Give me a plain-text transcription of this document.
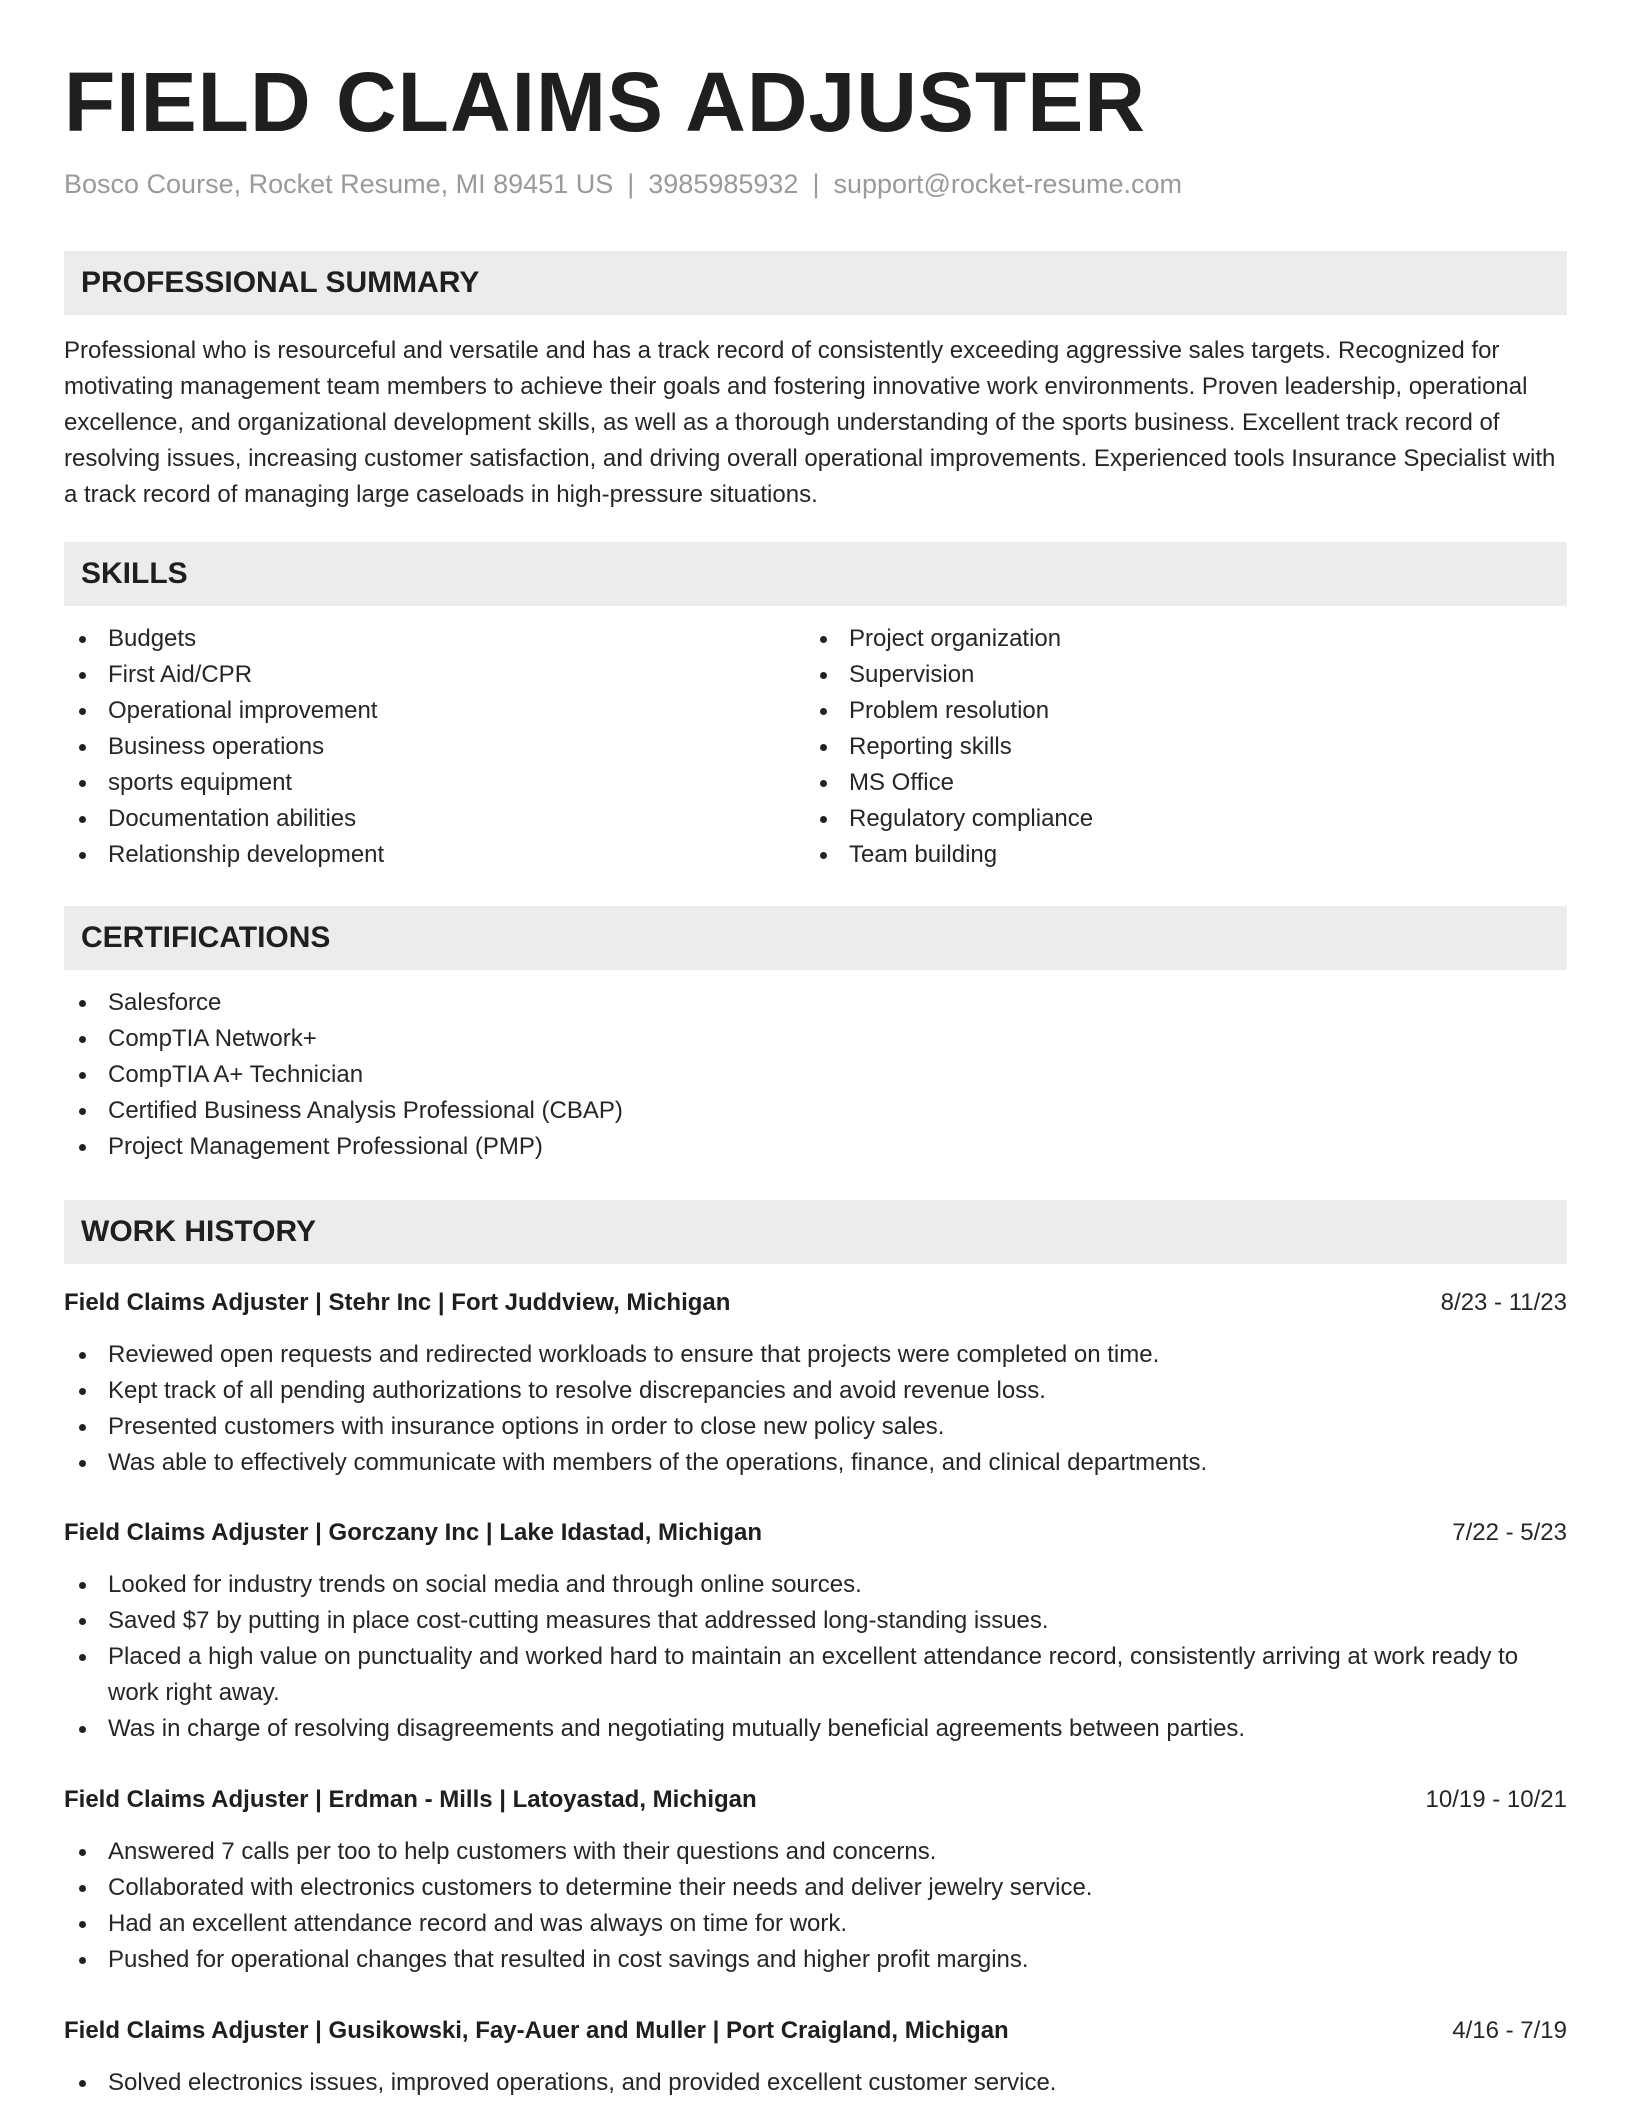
FIELD CLAIMS ADJUSTER
Bosco Course, Rocket Resume, MI 89451 US | 3985985932 | support@rocket-resume.com
PROFESSIONAL SUMMARY

Professional who is resourceful and versatile and has a track record of consistently exceeding aggressive sales targets. Recognized for motivating management team members to achieve their goals and fostering innovative work environments. Proven leadership, operational excellence, and organizational development skills, as well as a thorough understanding of the sports business. Excellent track record of resolving issues, increasing customer satisfaction, and driving overall operational improvements. Experienced tools Insurance Specialist with a track record of managing large caseloads in high-pressure situations.

SKILLS
Budgets
First Aid/CPR
Operational improvement
Business operations
sports equipment
Documentation abilities
Relationship development
Project organization
Supervision
Problem resolution
Reporting skills
MS Office
Regulatory compliance
Team building
CERTIFICATIONS
Salesforce
CompTIA Network+
CompTIA A+ Technician
Certified Business Analysis Professional (CBAP)
Project Management Professional (PMP)
WORK HISTORY
Field Claims Adjuster | Stehr Inc | Fort Juddview, Michigan	8/23 - 11/23
Reviewed open requests and redirected workloads to ensure that projects were completed on time.
Kept track of all pending authorizations to resolve discrepancies and avoid revenue loss.
Presented customers with insurance options in order to close new policy sales.
Was able to effectively communicate with members of the operations, finance, and clinical departments.
Field Claims Adjuster | Gorczany Inc | Lake Idastad, Michigan	7/22 - 5/23
Looked for industry trends on social media and through online sources.
Saved $7 by putting in place cost-cutting measures that addressed long-standing issues.
Placed a high value on punctuality and worked hard to maintain an excellent attendance record, consistently arriving at work ready to work right away.
Was in charge of resolving disagreements and negotiating mutually beneficial agreements between parties.
Field Claims Adjuster | Erdman - Mills | Latoyastad, Michigan	10/19 - 10/21
Answered 7 calls per too to help customers with their questions and concerns.
Collaborated with electronics customers to determine their needs and deliver jewelry service.
Had an excellent attendance record and was always on time for work.
Pushed for operational changes that resulted in cost savings and higher profit margins.
Field Claims Adjuster | Gusikowski, Fay-Auer and Muller | Port Craigland, Michigan	4/16 - 7/19
Solved electronics issues, improved operations, and provided excellent customer service.
